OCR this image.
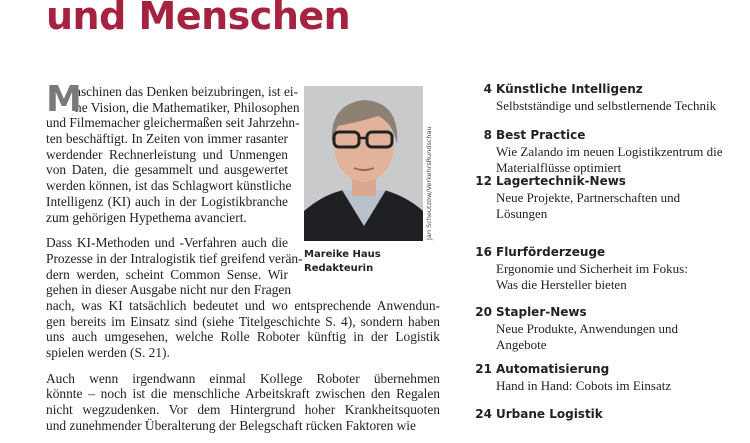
und Menschen
M
aschinen das Denken beizubringen, ist ei-
ne Vision, die Mathematiker, Philosophen
und Filmemacher gleichermaßen seit Jahrzehn-
ten beschäftigt. In Zeiten von immer rasanter
werdender Rechnerleistung und Unmengen
von Daten, die gesammelt und ausgewertet
werden können, ist das Schlagwort künstliche
Intelligenz (KI) auch in der Logistikbranche
zum gehörigen Hypethema avanciert.
Dass KI-Methoden und -Verfahren auch die
Prozesse in der Intralogistik tief greifend verän-
dern werden, scheint Common Sense. Wir
gehen in dieser Ausgabe nicht nur den Fragen
nach, was KI tatsächlich bedeutet und wo entsprechende Anwendun-
gen bereits im Einsatz sind (siehe Titelgeschichte S. 4), sondern haben
uns auch umgesehen, welche Rolle Roboter künftig in der Logistik
spielen werden (S. 21).
Auch wenn irgendwann einmal Kollege Roboter übernehmen
könnte – noch ist die menschliche Arbeitskraft zwischen den Regalen
nicht wegzudenken. Vor dem Hintergrund hoher Krankheitsquoten
und zunehmender Überalterung der Belegschaft rücken Faktoren wie
Jan Scheutzow/VerkehrsRundschau
Mareike Haus
Redakteurin
4 Künstliche Intelligenz
Selbstständige und selbstlernende Technik
8 Best Practice
Wie Zalando im neuen Logistikzentrum die
Materialflüsse optimiert
12 Lagertechnik-News
Neue Projekte, Partnerschaften und
Lösungen
16 Flurförderzeuge
Ergonomie und Sicherheit im Fokus:
Was die Hersteller bieten
20 Stapler-News
Neue Produkte, Anwendungen und
Angebote
21 Automatisierung
Hand in Hand: Cobots im Einsatz
24 Urbane Logistik
